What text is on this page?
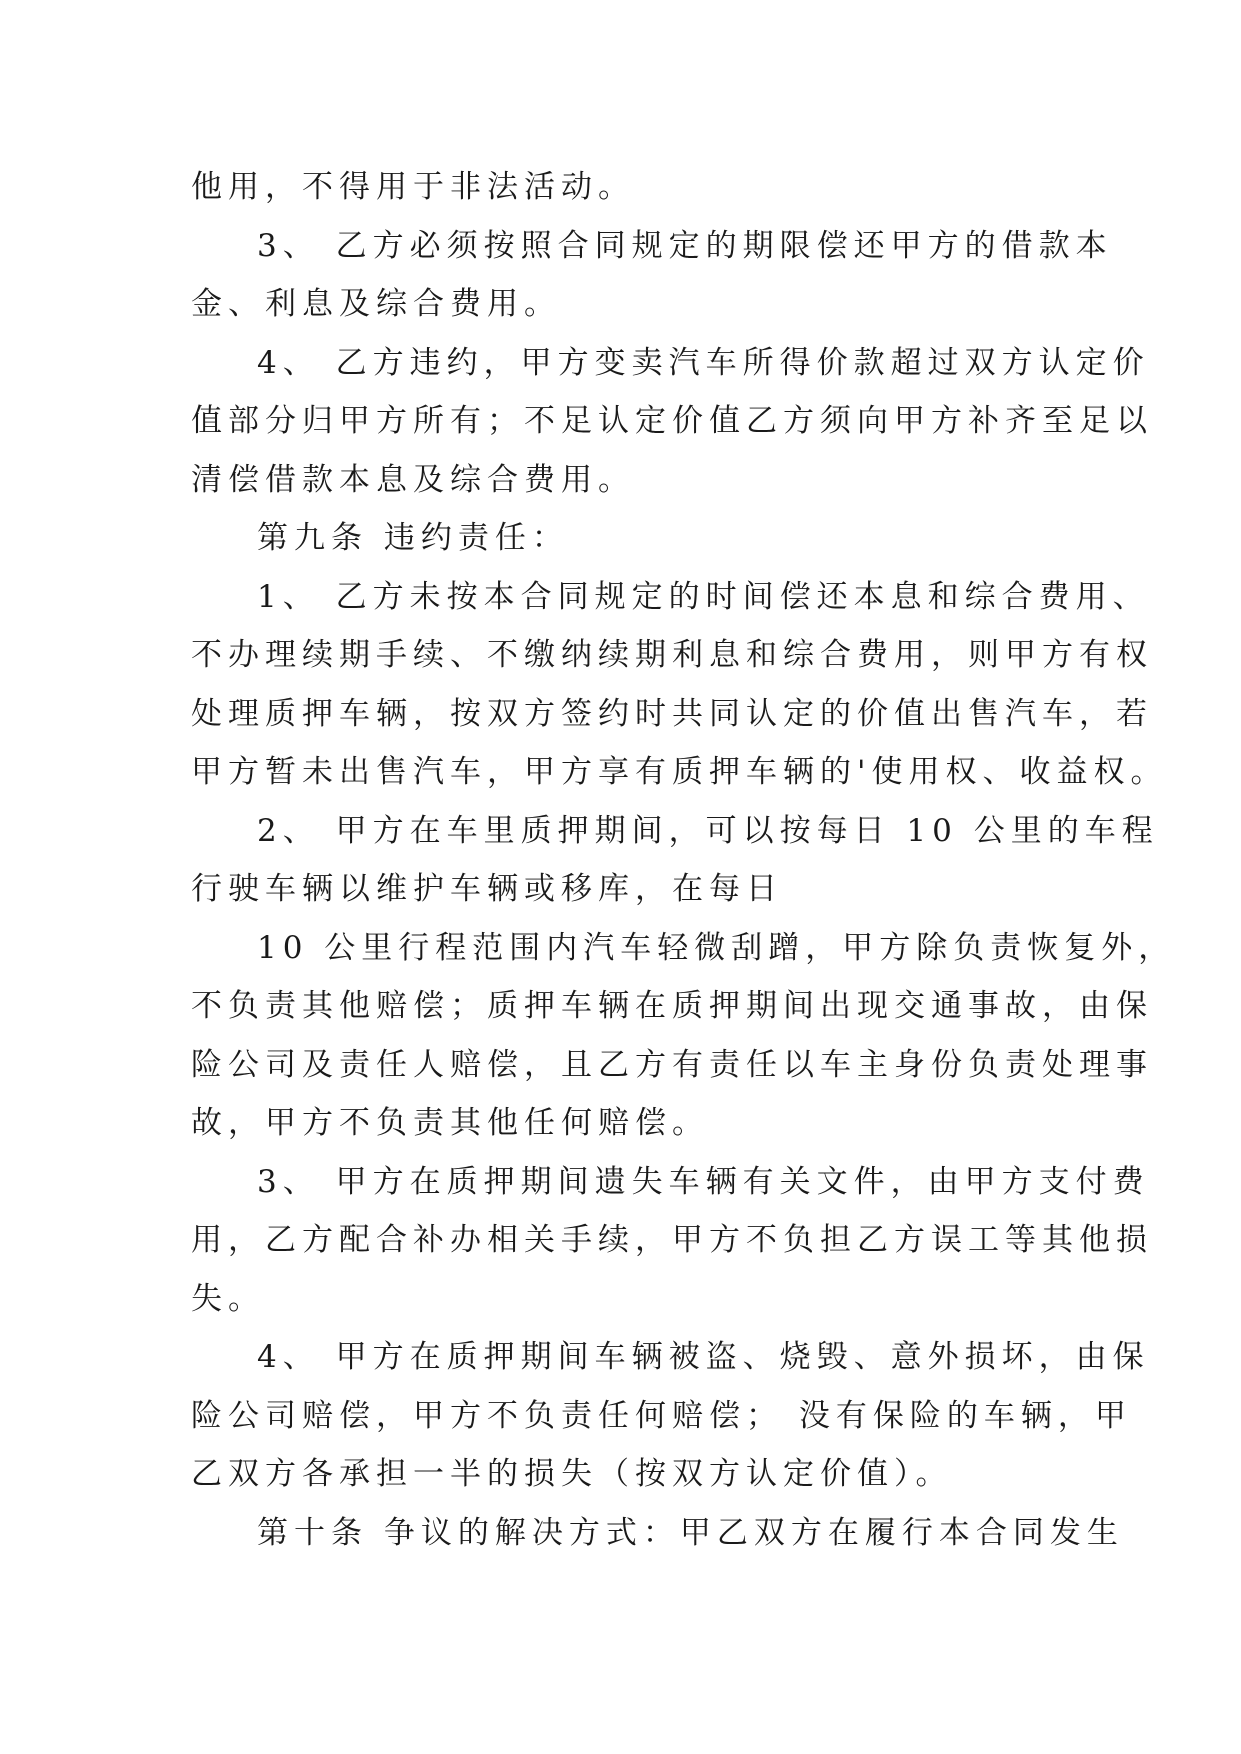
他用，不得用于非法活动。
3、 乙方必须按照合同规定的期限偿还甲方的借款本
金、利息及综合费用。
4、 乙方违约，甲方变卖汽车所得价款超过双方认定价
值部分归甲方所有；不足认定价值乙方须向甲方补齐至足以
清偿借款本息及综合费用。
第九条 违约责任：
1、 乙方未按本合同规定的时间偿还本息和综合费用、
不办理续期手续、不缴纳续期利息和综合费用，则甲方有权
处理质押车辆，按双方签约时共同认定的价值出售汽车，若
甲方暂未出售汽车，甲方享有质押车辆的'使用权、收益权。
2、 甲方在车里质押期间，可以按每日 10 公里的车程
行驶车辆以维护车辆或移库，在每日
10 公里行程范围内汽车轻微刮蹭，甲方除负责恢复外，
不负责其他赔偿；质押车辆在质押期间出现交通事故，由保
险公司及责任人赔偿，且乙方有责任以车主身份负责处理事
故，甲方不负责其他任何赔偿。
3、 甲方在质押期间遗失车辆有关文件，由甲方支付费
用，乙方配合补办相关手续，甲方不负担乙方误工等其他损
失。
4、 甲方在质押期间车辆被盗、烧毁、意外损坏，由保
险公司赔偿，甲方不负责任何赔偿； 没有保险的车辆，甲
乙双方各承担一半的损失（按双方认定价值）。
第十条 争议的解决方式：甲乙双方在履行本合同发生
